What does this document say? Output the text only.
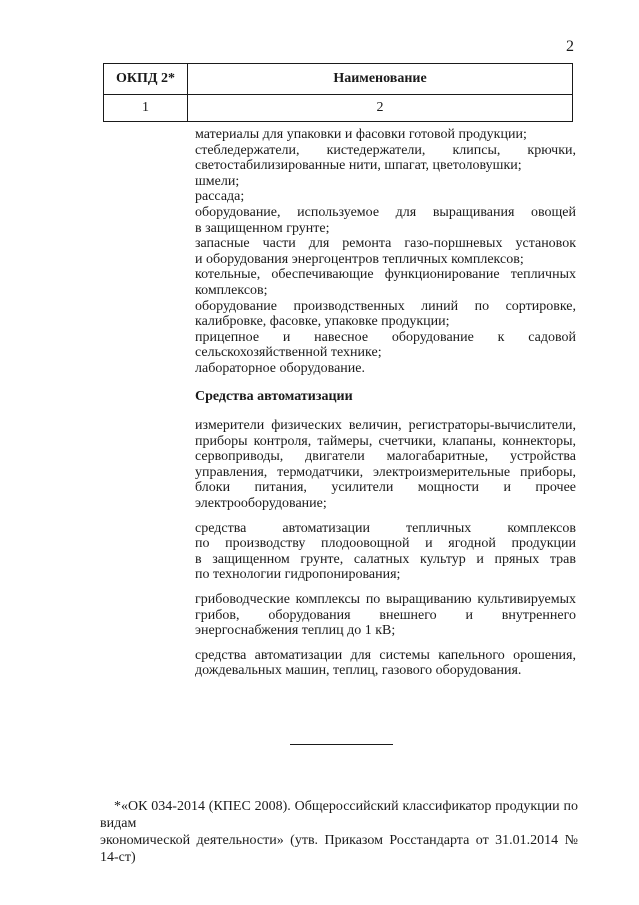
2
ОКПД 2*	Наименование
1	2

материалы для упаковки и фасовки готовой продукции;

стебледержатели, кистедержатели, клипсы, крючки,

светостабилизированные нити, шпагат, цветоловушки;

шмели;

рассада;

оборудование, используемое для выращивания овощей

в защищенном грунте;

запасные части для ремонта газо-поршневых установок

и оборудования энергоцентров тепличных комплексов;

котельные, обеспечивающие функционирование тепличных

комплексов;

оборудование производственных линий по сортировке,

калибровке, фасовке, упаковке продукции;

прицепное и навесное оборудование к садовой

сельскохозяйственной технике;

лабораторное оборудование.

Средства автоматизации

измерители физических величин, регистраторы-вычислители,

приборы контроля, таймеры, счетчики, клапаны, коннекторы,

сервоприводы, двигатели малогабаритные, устройства

управления, термодатчики, электроизмерительные приборы,

блоки питания, усилители мощности и прочее

электрооборудование;

средства автоматизации тепличных комплексов

по производству плодоовощной и ягодной продукции

в защищенном грунте, салатных культур и пряных трав

по технологии гидропонирования;

грибоводческие комплексы по выращиванию культивируемых

грибов, оборудования внешнего и внутреннего

энергоснабжения теплиц до 1 кВ;

средства автоматизации для системы капельного орошения,

дождевальных машин, теплиц, газового оборудования.

*«ОК 034-2014 (КПЕС 2008). Общероссийский классификатор продукции по видам

экономической деятельности» (утв. Приказом Росстандарта от 31.01.2014 № 14-ст)
